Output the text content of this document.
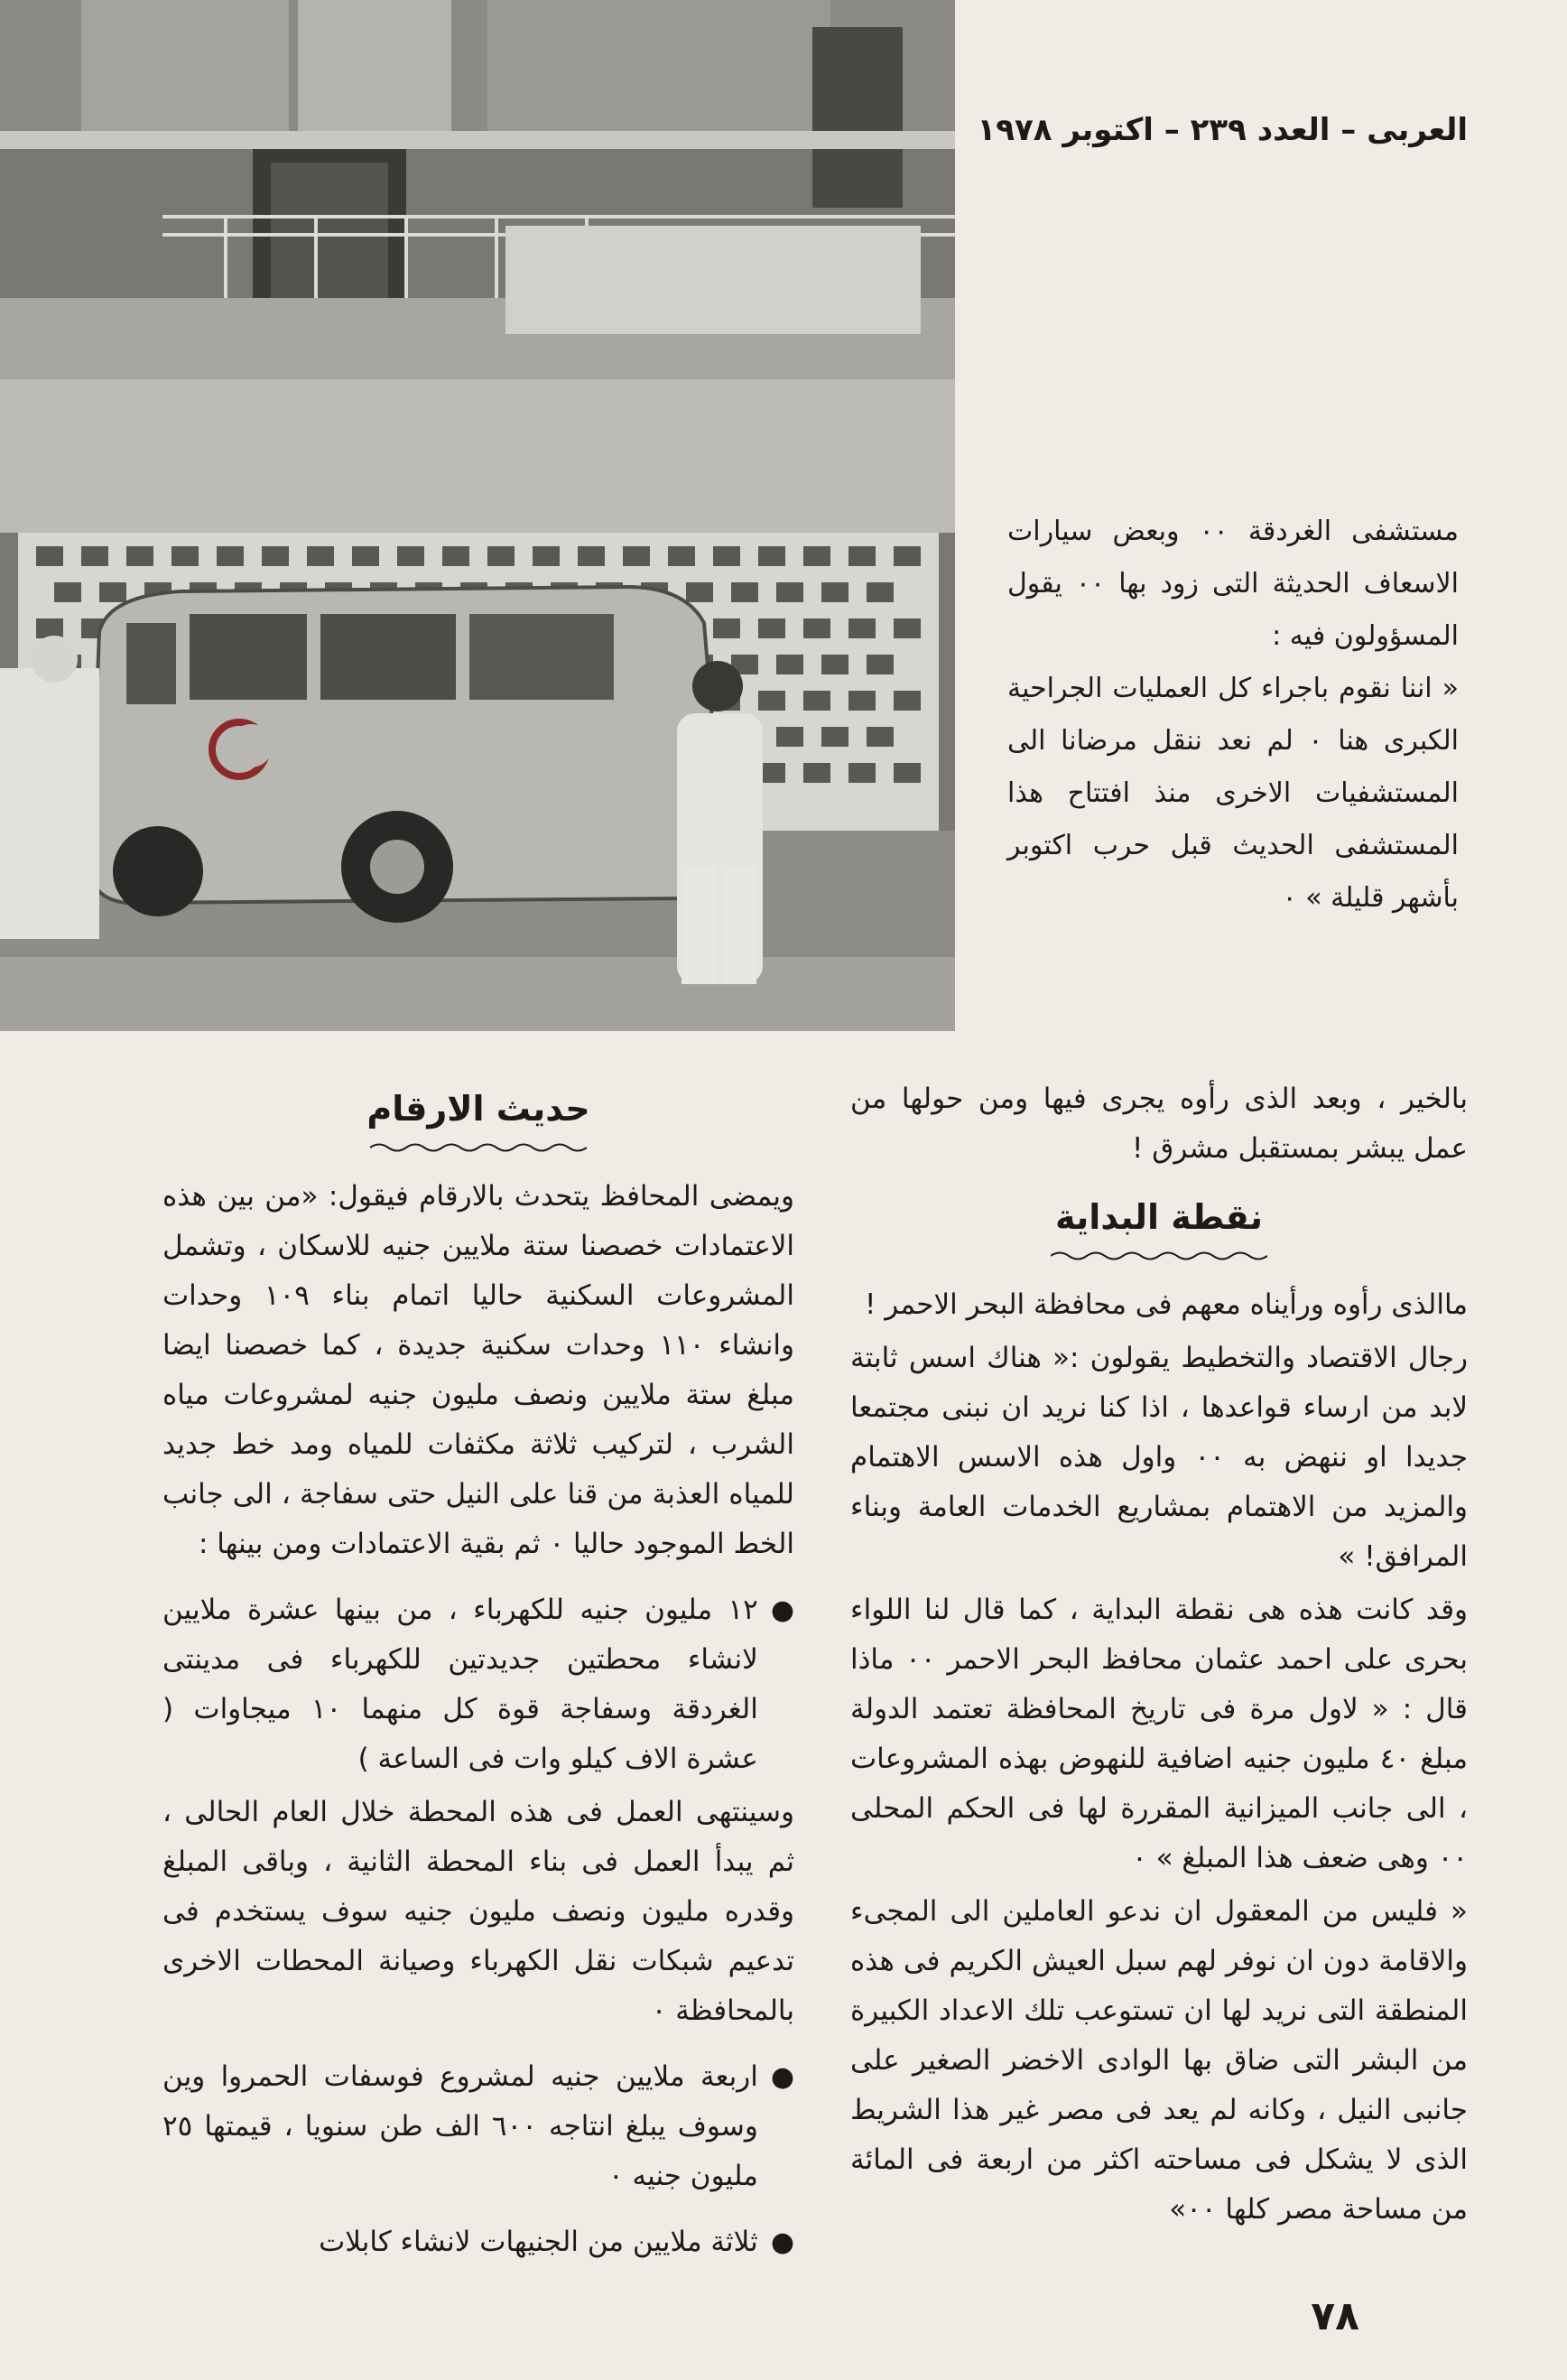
العربى – العدد ٢٣٩ – اكتوبر ١٩٧٨

مستشفى الغردقة ٠٠ وبعض سيارات الاسعاف الحديثة التى زود بها ٠٠ يقول المسؤولون فيه :

« اننا نقوم باجراء كل العمليات الجراحية الكبرى هنا ٠ لم نعد ننقل مرضانا الى المستشفيات الاخرى منذ افتتاح هذا المستشفى الحديث قبل حرب اكتوبر بأشهر قليلة » ٠

بالخير ، وبعد الذى رأوه يجرى فيها ومن حولها من عمل يبشر بمستقبل مشرق !

نقطة البداية

ماالذى رأوه ورأيناه معهم فى محافظة البحر الاحمر !

رجال الاقتصاد والتخطيط يقولون :« هناك اسس ثابتة لابد من ارساء قواعدها ، اذا كنا نريد ان نبنى مجتمعا جديدا او ننهض به ٠٠ واول هذه الاسس الاهتمام والمزيد من الاهتمام بمشاريع الخدمات العامة وبناء المرافق! »

وقد كانت هذه هى نقطة البداية ، كما قال لنا اللواء بحرى على احمد عثمان محافظ البحر الاحمر ٠٠ ماذا قال : « لاول مرة فى تاريخ المحافظة تعتمد الدولة مبلغ ٤٠ مليون جنيه اضافية للنهوض بهذه المشروعات ، الى جانب الميزانية المقررة لها فى الحكم المحلى ٠٠ وهى ضعف هذا المبلغ » ٠

« فليس من المعقول ان ندعو العاملين الى المجىء والاقامة دون ان نوفر لهم سبل العيش الكريم فى هذه المنطقة التى نريد لها ان تستوعب تلك الاعداد الكبيرة من البشر التى ضاق بها الوادى الاخضر الصغير على جانبى النيل ، وكانه لم يعد فى مصر غير هذا الشريط الذى لا يشكل فى مساحته اكثر من اربعة فى المائة من مساحة مصر كلها ٠٠»

حديث الارقام

ويمضى المحافظ يتحدث بالارقام فيقول: «من بين هذه الاعتمادات خصصنا ستة ملايين جنيه للاسكان ، وتشمل المشروعات السكنية حاليا اتمام بناء ١٠٩ وحدات وانشاء ١١٠ وحدات سكنية جديدة ، كما خصصنا ايضا مبلغ ستة ملايين ونصف مليون جنيه لمشروعات مياه الشرب ، لتركيب ثلاثة مكثفات للمياه ومد خط جديد للمياه العذبة من قنا على النيل حتى سفاجة ، الى جانب الخط الموجود حاليا ٠ ثم بقية الاعتمادات ومن بينها :

●
١٢ مليون جنيه للكهرباء ، من بينها عشرة ملايين لانشاء محطتين جديدتين للكهرباء فى مدينتى الغردقة وسفاجة قوة كل منهما ١٠ ميجاوات ( عشرة الاف كيلو وات فى الساعة )

وسينتهى العمل فى هذه المحطة خلال العام الحالى ، ثم يبدأ العمل فى بناء المحطة الثانية ، وباقى المبلغ وقدره مليون ونصف مليون جنيه سوف يستخدم فى تدعيم شبكات نقل الكهرباء وصيانة المحطات الاخرى بالمحافظة ٠

●
اربعة ملايين جنيه لمشروع فوسفات الحمروا وين وسوف يبلغ انتاجه ٦٠٠ الف طن سنويا ، قيمتها ٢٥ مليون جنيه ٠
●
ثلاثة ملايين من الجنيهات لانشاء كابلات
٧٨
